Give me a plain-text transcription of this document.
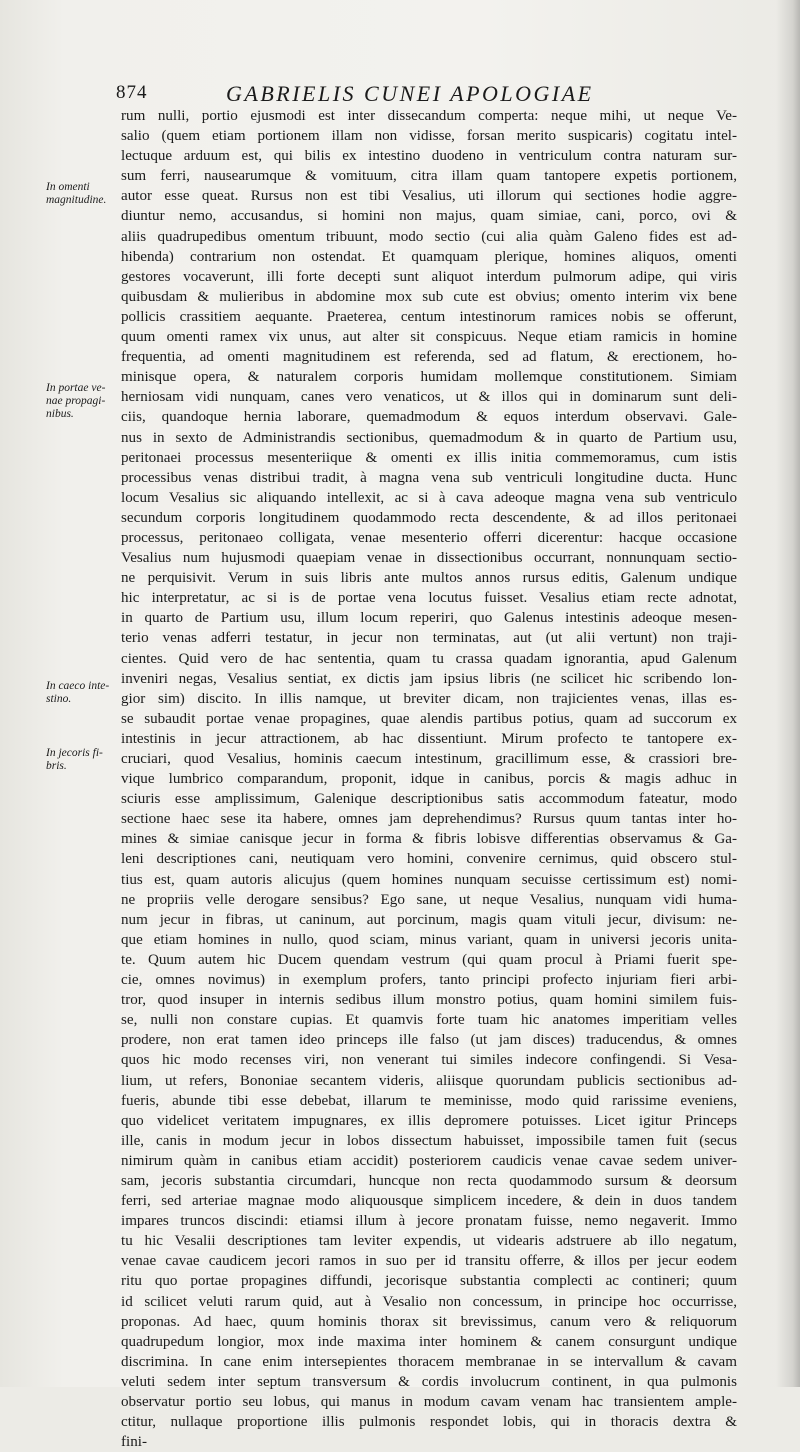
874	GABRIELIS CUNEI APOLOGIAE
In omenti
magnitudine.
In portae ve-
nae propagi-
nibus.
In caeco inte-
stino.
In jecoris fi-
bris.
rum nulli, portio ejusmodi est inter dissecandum comperta: neque mihi, ut neque Ve-
salio (quem etiam portionem illam non vidisse, forsan merito suspicaris) cogitatu intel-
lectuque arduum est, qui bilis ex intestino duodeno in ventriculum contra naturam sur-
sum ferri, nausearumque & vomituum, citra illam quam tantopere expetis portionem,
autor esse queat. Rursus non est tibi Vesalius, uti illorum qui sectiones hodie aggre-
diuntur nemo, accusandus, si homini non majus, quam simiae, cani, porco, ovi &
aliis quadrupedibus omentum tribuunt, modo sectio (cui alia quàm Galeno fides est ad-
hibenda) contrarium non ostendat. Et quamquam plerique, homines aliquos, omenti
gestores vocaverunt, illi forte decepti sunt aliquot interdum pulmorum adipe, qui viris
quibusdam & mulieribus in abdomine mox sub cute est obvius; omento interim vix bene
pollicis crassitiem aequante. Praeterea, centum intestinorum ramices nobis se offerunt,
quum omenti ramex vix unus, aut alter sit conspicuus. Neque etiam ramicis in homine
frequentia, ad omenti magnitudinem est referenda, sed ad flatum, & erectionem, ho-
minisque opera, & naturalem corporis humidam mollemque constitutionem. Simiam
herniosam vidi nunquam, canes vero venaticos, ut & illos qui in dominarum sunt deli-
ciis, quandoque hernia laborare, quemadmodum & equos interdum observavi. Gale-
nus in sexto de Administrandis sectionibus, quemadmodum & in quarto de Partium usu,
peritonaei processus mesenteriique & omenti ex illis initia commemoramus, cum istis
processibus venas distribui tradit, à magna vena sub ventriculi longitudine ducta. Hunc
locum Vesalius sic aliquando intellexit, ac si à cava adeoque magna vena sub ventriculo
secundum corporis longitudinem quodammodo recta descendente, & ad illos peritonaei
processus, peritonaeo colligata, venae mesenterio offerri dicerentur: hacque occasione
Vesalius num hujusmodi quaepiam venae in dissectionibus occurrant, nonnunquam sectio-
ne perquisivit. Verum in suis libris ante multos annos rursus editis, Galenum undique
hic interpretatur, ac si is de portae vena locutus fuisset. Vesalius etiam recte adnotat,
in quarto de Partium usu, illum locum reperiri, quo Galenus intestinis adeoque mesen-
terio venas adferri testatur, in jecur non terminatas, aut (ut alii vertunt) non traji-
cientes. Quid vero de hac sententia, quam tu crassa quadam ignorantia, apud Galenum
inveniri negas, Vesalius sentiat, ex dictis jam ipsius libris (ne scilicet hic scribendo lon-
gior sim) discito. In illis namque, ut breviter dicam, non trajicientes venas, illas es-
se subaudit portae venae propagines, quae alendis partibus potius, quam ad succorum ex
intestinis in jecur attractionem, ab hac dissentiunt. Mirum profecto te tantopere ex-
cruciari, quod Vesalius, hominis caecum intestinum, gracillimum esse, & crassiori bre-
vique lumbrico comparandum, proponit, idque in canibus, porcis & magis adhuc in
sciuris esse amplissimum, Galenique descriptionibus satis accommodum fateatur, modo
sectione haec sese ita habere, omnes jam deprehendimus? Rursus quum tantas inter ho-
mines & simiae canisque jecur in forma & fibris lobisve differentias observamus & Ga-
leni descriptiones cani, neutiquam vero homini, convenire cernimus, quid obscero stul-
tius est, quam autoris alicujus (quem homines nunquam secuisse certissimum est) nomi-
ne propriis velle derogare sensibus? Ego sane, ut neque Vesalius, nunquam vidi huma-
num jecur in fibras, ut caninum, aut porcinum, magis quam vituli jecur, divisum: ne-
que etiam homines in nullo, quod sciam, minus variant, quam in universi jecoris unita-
te. Quum autem hic Ducem quendam vestrum (qui quam procul à Priami fuerit spe-
cie, omnes novimus) in exemplum profers, tanto principi profecto injuriam fieri arbi-
tror, quod insuper in internis sedibus illum monstro potius, quam homini similem fuis-
se, nulli non constare cupias. Et quamvis forte tuam hic anatomes imperitiam velles
prodere, non erat tamen ideo princeps ille falso (ut jam disces) traducendus, & omnes
quos hic modo recenses viri, non venerant tui similes indecore confingendi. Si Vesa-
lium, ut refers, Bononiae secantem videris, aliisque quorundam publicis sectionibus ad-
fueris, abunde tibi esse debebat, illarum te meminisse, modo quid rarissime eveniens,
quo videlicet veritatem impugnares, ex illis depromere potuisses. Licet igitur Princeps
ille, canis in modum jecur in lobos dissectum habuisset, impossibile tamen fuit (secus
nimirum quàm in canibus etiam accidit) posteriorem caudicis venae cavae sedem univer-
sam, jecoris substantia circumdari, huncque non recta quodammodo sursum & deorsum
ferri, sed arteriae magnae modo aliquousque simplicem incedere, & dein in duos tandem
impares truncos discindi: etiamsi illum à jecore pronatam fuisse, nemo negaverit. Immo
tu hic Vesalii descriptiones tam leviter expendis, ut videaris adstruere ab illo negatum,
venae cavae caudicem jecori ramos in suo per id transitu offerre, & illos per jecur eodem
ritu quo portae propagines diffundi, jecorisque substantia complecti ac contineri; quum
id scilicet veluti rarum quid, aut à Vesalio non concessum, in principe hoc occurrisse,
proponas. Ad haec, quum hominis thorax sit brevissimus, canum vero & reliquorum
quadrupedum longior, mox inde maxima inter hominem & canem consurgunt undique
discrimina. In cane enim intersepientes thoracem membranae in se intervallum & cavam
veluti sedem inter septum transversum & cordis involucrum continent, in qua pulmonis
observatur portio seu lobus, qui manus in modum cavam venam hac transientem ample-
ctitur, nullaque proportione illis pulmonis respondet lobis, qui in thoracis dextra &
fini-
